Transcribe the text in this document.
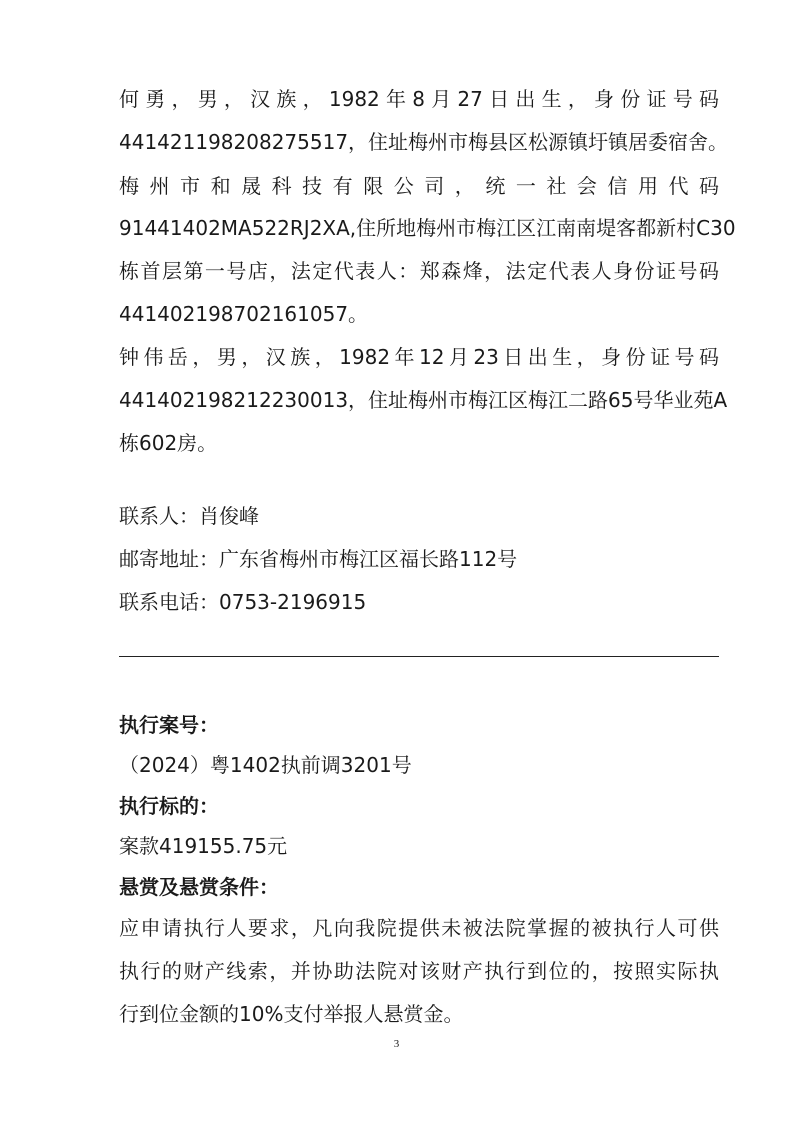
何勇，男，汉族，1982年8月27日出生，身份证号码
441421198208275517，住址梅州市梅县区松源镇圩镇居委宿舍。
梅州市和晟科技有限公司，统一社会信用代码
91441402MA522RJ2XA,住所地梅州市梅江区江南南堤客都新村C30
栋首层第一号店，法定代表人：郑森烽，法定代表人身份证号码
441402198702161057。
钟伟岳，男，汉族，1982年12月23日出生，身份证号码
441402198212230013，住址梅州市梅江区梅江二路65号华业苑A
栋602房。
联系人：肖俊峰
邮寄地址：广东省梅州市梅江区福长路112号
联系电话：0753-2196915
执行案号：
（2024）粤1402执前调3201号
执行标的：
案款419155.75元
悬赏及悬赏条件：
应申请执行人要求，凡向我院提供未被法院掌握的被执行人可供
执行的财产线索，并协助法院对该财产执行到位的，按照实际执
行到位金额的10%支付举报人悬赏金。
3
